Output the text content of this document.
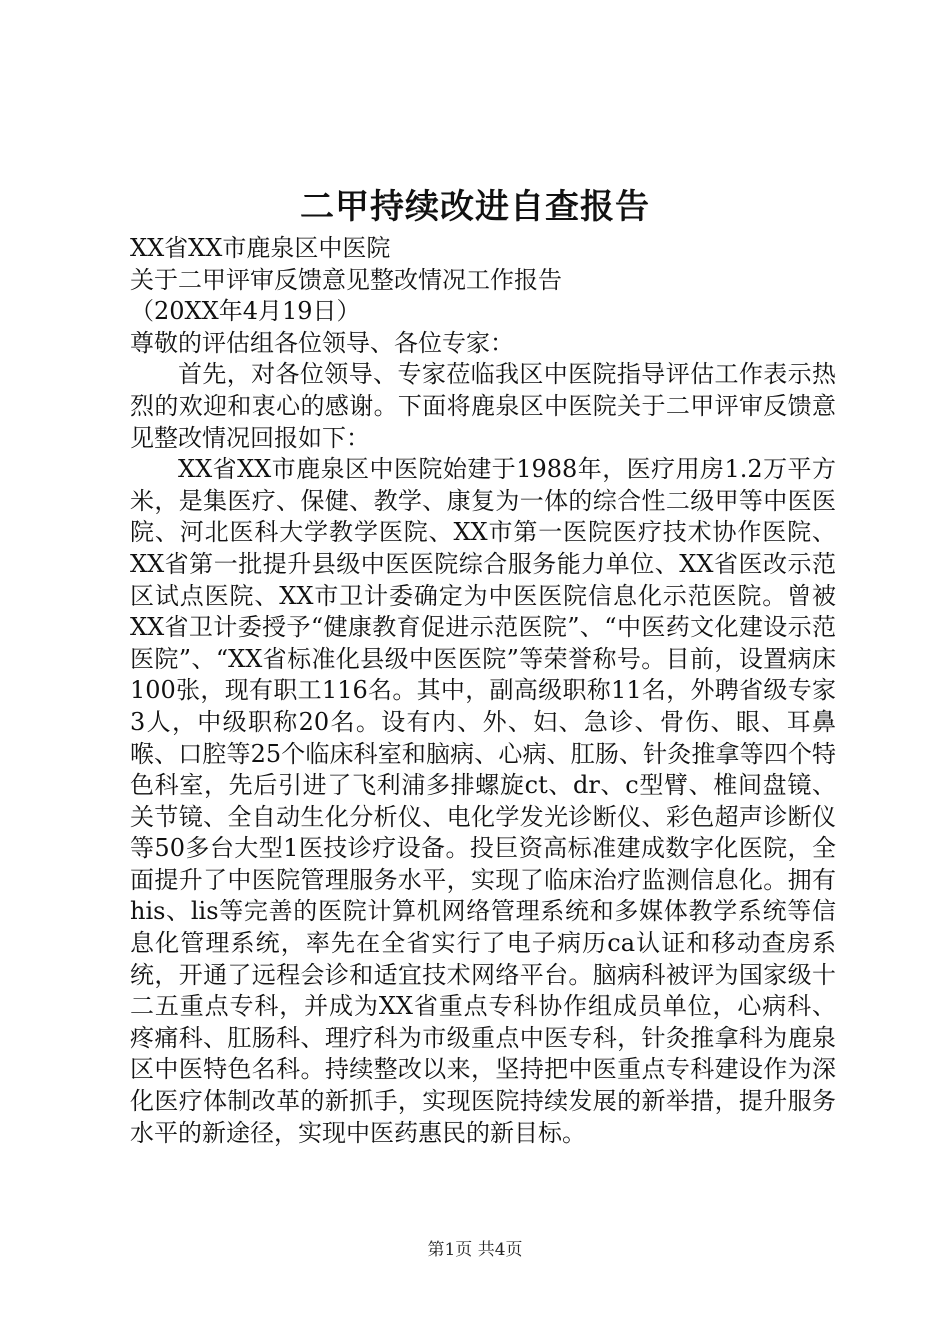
二甲持续改进自查报告

XX省XX市鹿泉区中医院

关于二甲评审反馈意见整改情况工作报告

（20XX年4月19日）

尊敬的评估组各位领导、各位专家：

首先，对各位领导、专家莅临我区中医院指导评估工作表示热烈的欢迎和衷心的感谢。下面将鹿泉区中医院关于二甲评审反馈意见整改情况回报如下：

XX省XX市鹿泉区中医院始建于1988年，医疗用房1.2万平方米，是集医疗、保健、教学、康复为一体的综合性二级甲等中医医院、河北医科大学教学医院、XX市第一医院医疗技术协作医院、XX省第一批提升县级中医医院综合服务能力单位、XX省医改示范区试点医院、XX市卫计委确定为中医医院信息化示范医院。曾被XX省卫计委授予“健康教育促进示范医院”、“中医药文化建设示范医院”、“XX省标准化县级中医医院”等荣誉称号。目前，设置病床100张，现有职工116名。其中，副高级职称11名，外聘省级专家3人，中级职称20名。设有内、外、妇、急诊、骨伤、眼、耳鼻喉、口腔等25个临床科室和脑病、心病、肛肠、针灸推拿等四个特色科室，先后引进了飞利浦多排螺旋ct、dr、c型臂、椎间盘镜、关节镜、全自动生化分析仪、电化学发光诊断仪、彩色超声诊断仪等50多台大型1医技诊疗设备。投巨资高标准建成数字化医院，全面提升了中医院管理服务水平，实现了临床治疗监测信息化。拥有his、lis等完善的医院计算机网络管理系统和多媒体教学系统等信息化管理系统，率先在全省实行了电子病历ca认证和移动查房系统，开通了远程会诊和适宜技术网络平台。脑病科被评为国家级十二五重点专科，并成为XX省重点专科协作组成员单位，心病科、疼痛科、肛肠科、理疗科为市级重点中医专科，针灸推拿科为鹿泉区中医特色名科。持续整改以来，坚持把中医重点专科建设作为深化医疗体制改革的新抓手，实现医院持续发展的新举措，提升服务水平的新途径，实现中医药惠民的新目标。

第1页 共4页
